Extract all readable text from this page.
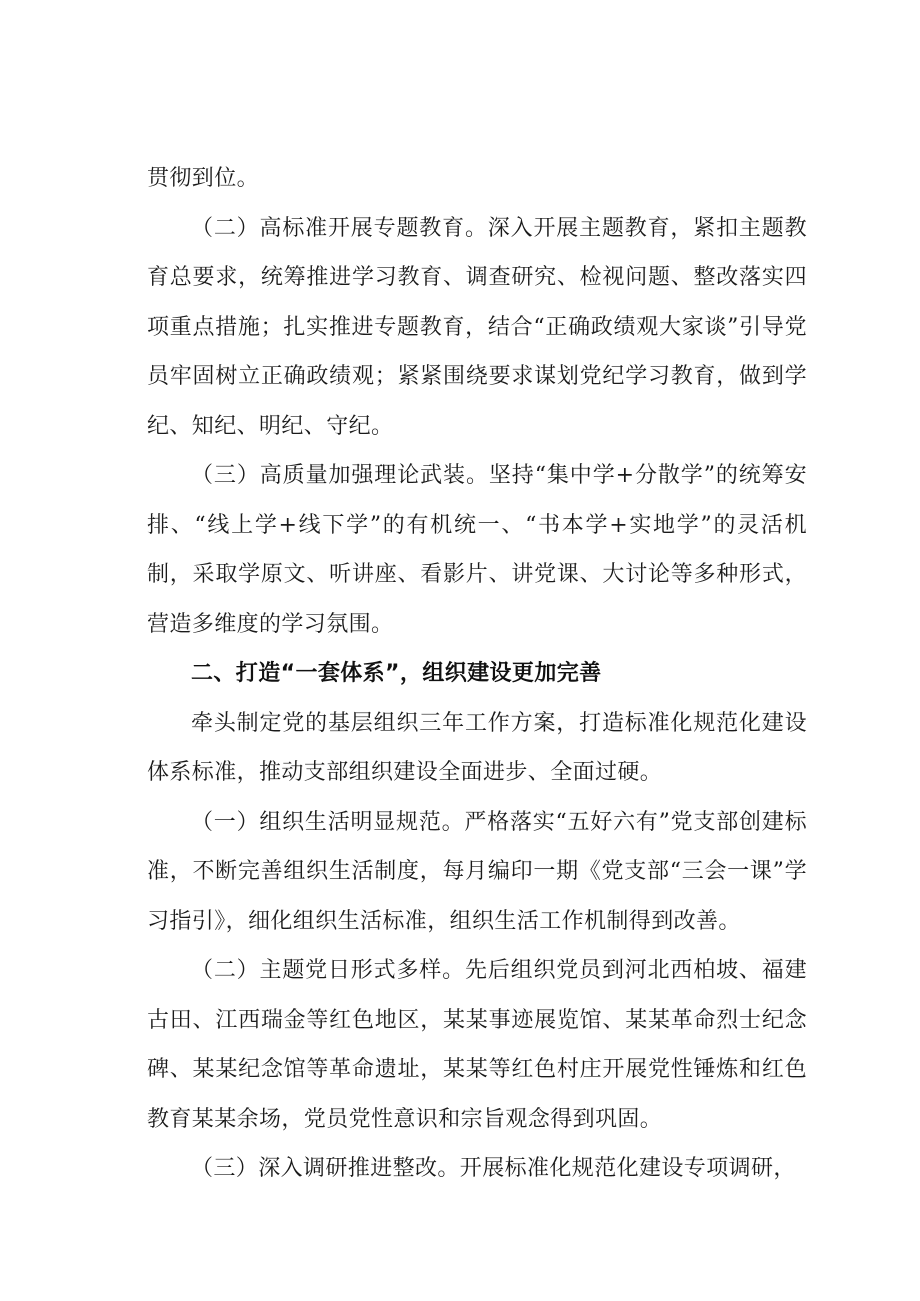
贯彻到位。

（二）高标准开展专题教育。深入开展主题教育，紧扣主题教育总要求，统筹推进学习教育、调查研究、检视问题、整改落实四项重点措施；扎实推进专题教育，结合“正确政绩观大家谈”引导党员牢固树立正确政绩观；紧紧围绕要求谋划党纪学习教育，做到学纪、知纪、明纪、守纪。

（三）高质量加强理论武装。坚持“集中学+分散学”的统筹安排、“线上学+线下学”的有机统一、“书本学+实地学”的灵活机制，采取学原文、听讲座、看影片、讲党课、大讨论等多种形式，营造多维度的学习氛围。

二、打造“一套体系”，组织建设更加完善

牵头制定党的基层组织三年工作方案，打造标准化规范化建设体系标准，推动支部组织建设全面进步、全面过硬。

（一）组织生活明显规范。严格落实“五好六有”党支部创建标准，不断完善组织生活制度，每月编印一期《党支部“三会一课”学习指引》，细化组织生活标准，组织生活工作机制得到改善。

（二）主题党日形式多样。先后组织党员到河北西柏坡、福建古田、江西瑞金等红色地区，某某事迹展览馆、某某革命烈士纪念碑、某某纪念馆等革命遗址，某某等红色村庄开展党性锤炼和红色教育某某余场，党员党性意识和宗旨观念得到巩固。

（三）深入调研推进整改。开展标准化规范化建设专项调研，
